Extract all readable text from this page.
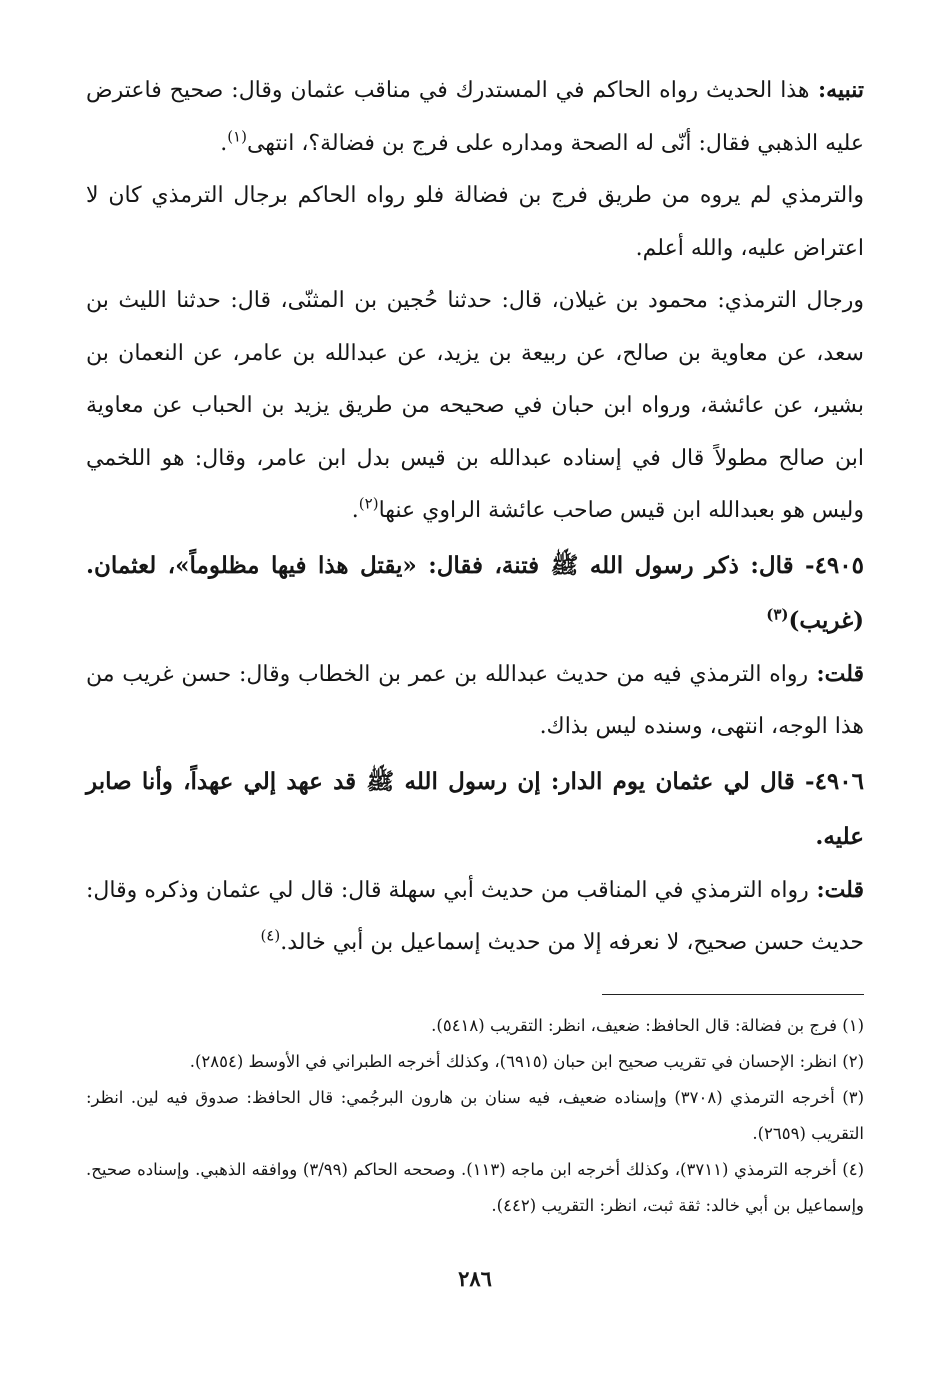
تنبيه: هذا الحديث رواه الحاكم في المستدرك في مناقب عثمان وقال: صحيح فاعترض عليه الذهبي فقال: أنّى له الصحة ومداره على فرج بن فضالة؟، انتهى$^{(١)}$.

والترمذي لم يروه من طريق فرج بن فضالة فلو رواه الحاكم برجال الترمذي كان لا اعتراض عليه، والله أعلم.

ورجال الترمذي: محمود بن غيلان، قال: حدثنا حُجين بن المثنّى، قال: حدثنا الليث بن سعد، عن معاوية بن صالح، عن ربيعة بن يزيد، عن عبدالله بن عامر، عن النعمان بن بشير، عن عائشة، ورواه ابن حبان في صحيحه من طريق يزيد بن الحباب عن معاوية ابن صالح مطولاً قال في إسناده عبدالله بن قيس بدل ابن عامر، وقال: هو اللخمي وليس هو بعبدالله ابن قيس صاحب عائشة الراوي عنها$^{(٢)}$.

٤٩٠٥- قال: ذكر رسول الله ﷺ فتنة، فقال: «يقتل هذا فيها مظلوماً»، لعثمان. (غريب)$^{(٣)}$

قلت: رواه الترمذي فيه من حديث عبدالله بن عمر بن الخطاب وقال: حسن غريب من هذا الوجه، انتهى، وسنده ليس بذاك.

٤٩٠٦- قال لي عثمان يوم الدار: إن رسول الله ﷺ قد عهد إلي عهداً، وأنا صابر عليه.

قلت: رواه الترمذي في المناقب من حديث أبي سهلة قال: قال لي عثمان وذكره وقال: حديث حسن صحيح، لا نعرفه إلا من حديث إسماعيل بن أبي خالد.$^{(٤)}$

(١) فرج بن فضالة: قال الحافظ: ضعيف، انظر: التقريب (٥٤١٨).

(٢) انظر: الإحسان في تقريب صحيح ابن حبان (٦٩١٥)، وكذلك أخرجه الطبراني في الأوسط (٢٨٥٤).

(٣) أخرجه الترمذي (٣٧٠٨) وإسناده ضعيف، فيه سنان بن هارون البرجُمي: قال الحافظ: صدوق فيه لين. انظر: التقريب (٢٦٥٩).

(٤) أخرجه الترمذي (٣٧١١)، وكذلك أخرجه ابن ماجه (١١٣). وصححه الحاكم (٣/٩٩) ووافقه الذهبي. وإسناده صحيح. وإسماعيل بن أبي خالد: ثقة ثبت، انظر: التقريب (٤٤٢).

٢٨٦
